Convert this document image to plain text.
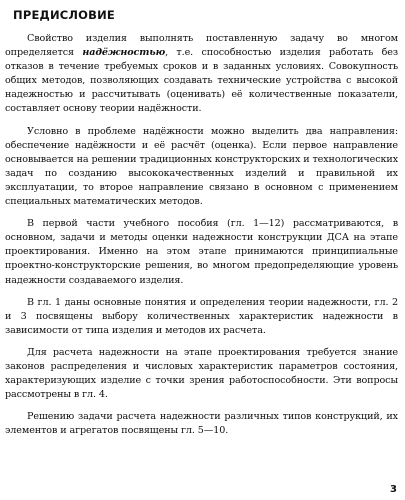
ПРЕДИСЛОВИЕ

Свойство изделия выполнять поставленную задачу во многом определяется надёжностью, т.е. способностью изделия работать без отказов в течение требуемых сроков и в заданных условиях. Совокупность общих методов, позволяющих создавать технические устройства с высокой надежностью и рассчитывать (оценивать) её количественные показатели, составляет основу теории надёжности.

Условно в проблеме надёжности можно выделить два направления: обеспечение надёжности и её расчёт (оценка). Если первое направление основывается на решении традиционных конструкторских и технологических задач по созданию высококачественных изделий и правильной их эксплуатации, то второе направление связано в основном с применением специальных математических методов.

В первой части учебного пособия (гл. 1—12) рассматриваются, в основном, задачи и методы оценки надежности конструкции ДСА на этапе проектирования. Именно на этом этапе принимаются принципиальные проектно-конструкторские решения, во многом предопределяющие уровень надежности создаваемого изделия.

В гл. 1 даны основные понятия и определения теории надежности, гл. 2 и 3 посвящены выбору количественных характеристик надежности в зависимости от типа изделия и методов их расчета.

Для расчета надежности на этапе проектирования требуется знание законов распределения и числовых характеристик параметров состояния, характеризующих изделие с точки зрения работоспособности. Эти вопросы рассмотрены в гл. 4.

Решению задачи расчета надежности различных типов конструкций, их элементов и агрегатов посвящены гл. 5—10.

3
